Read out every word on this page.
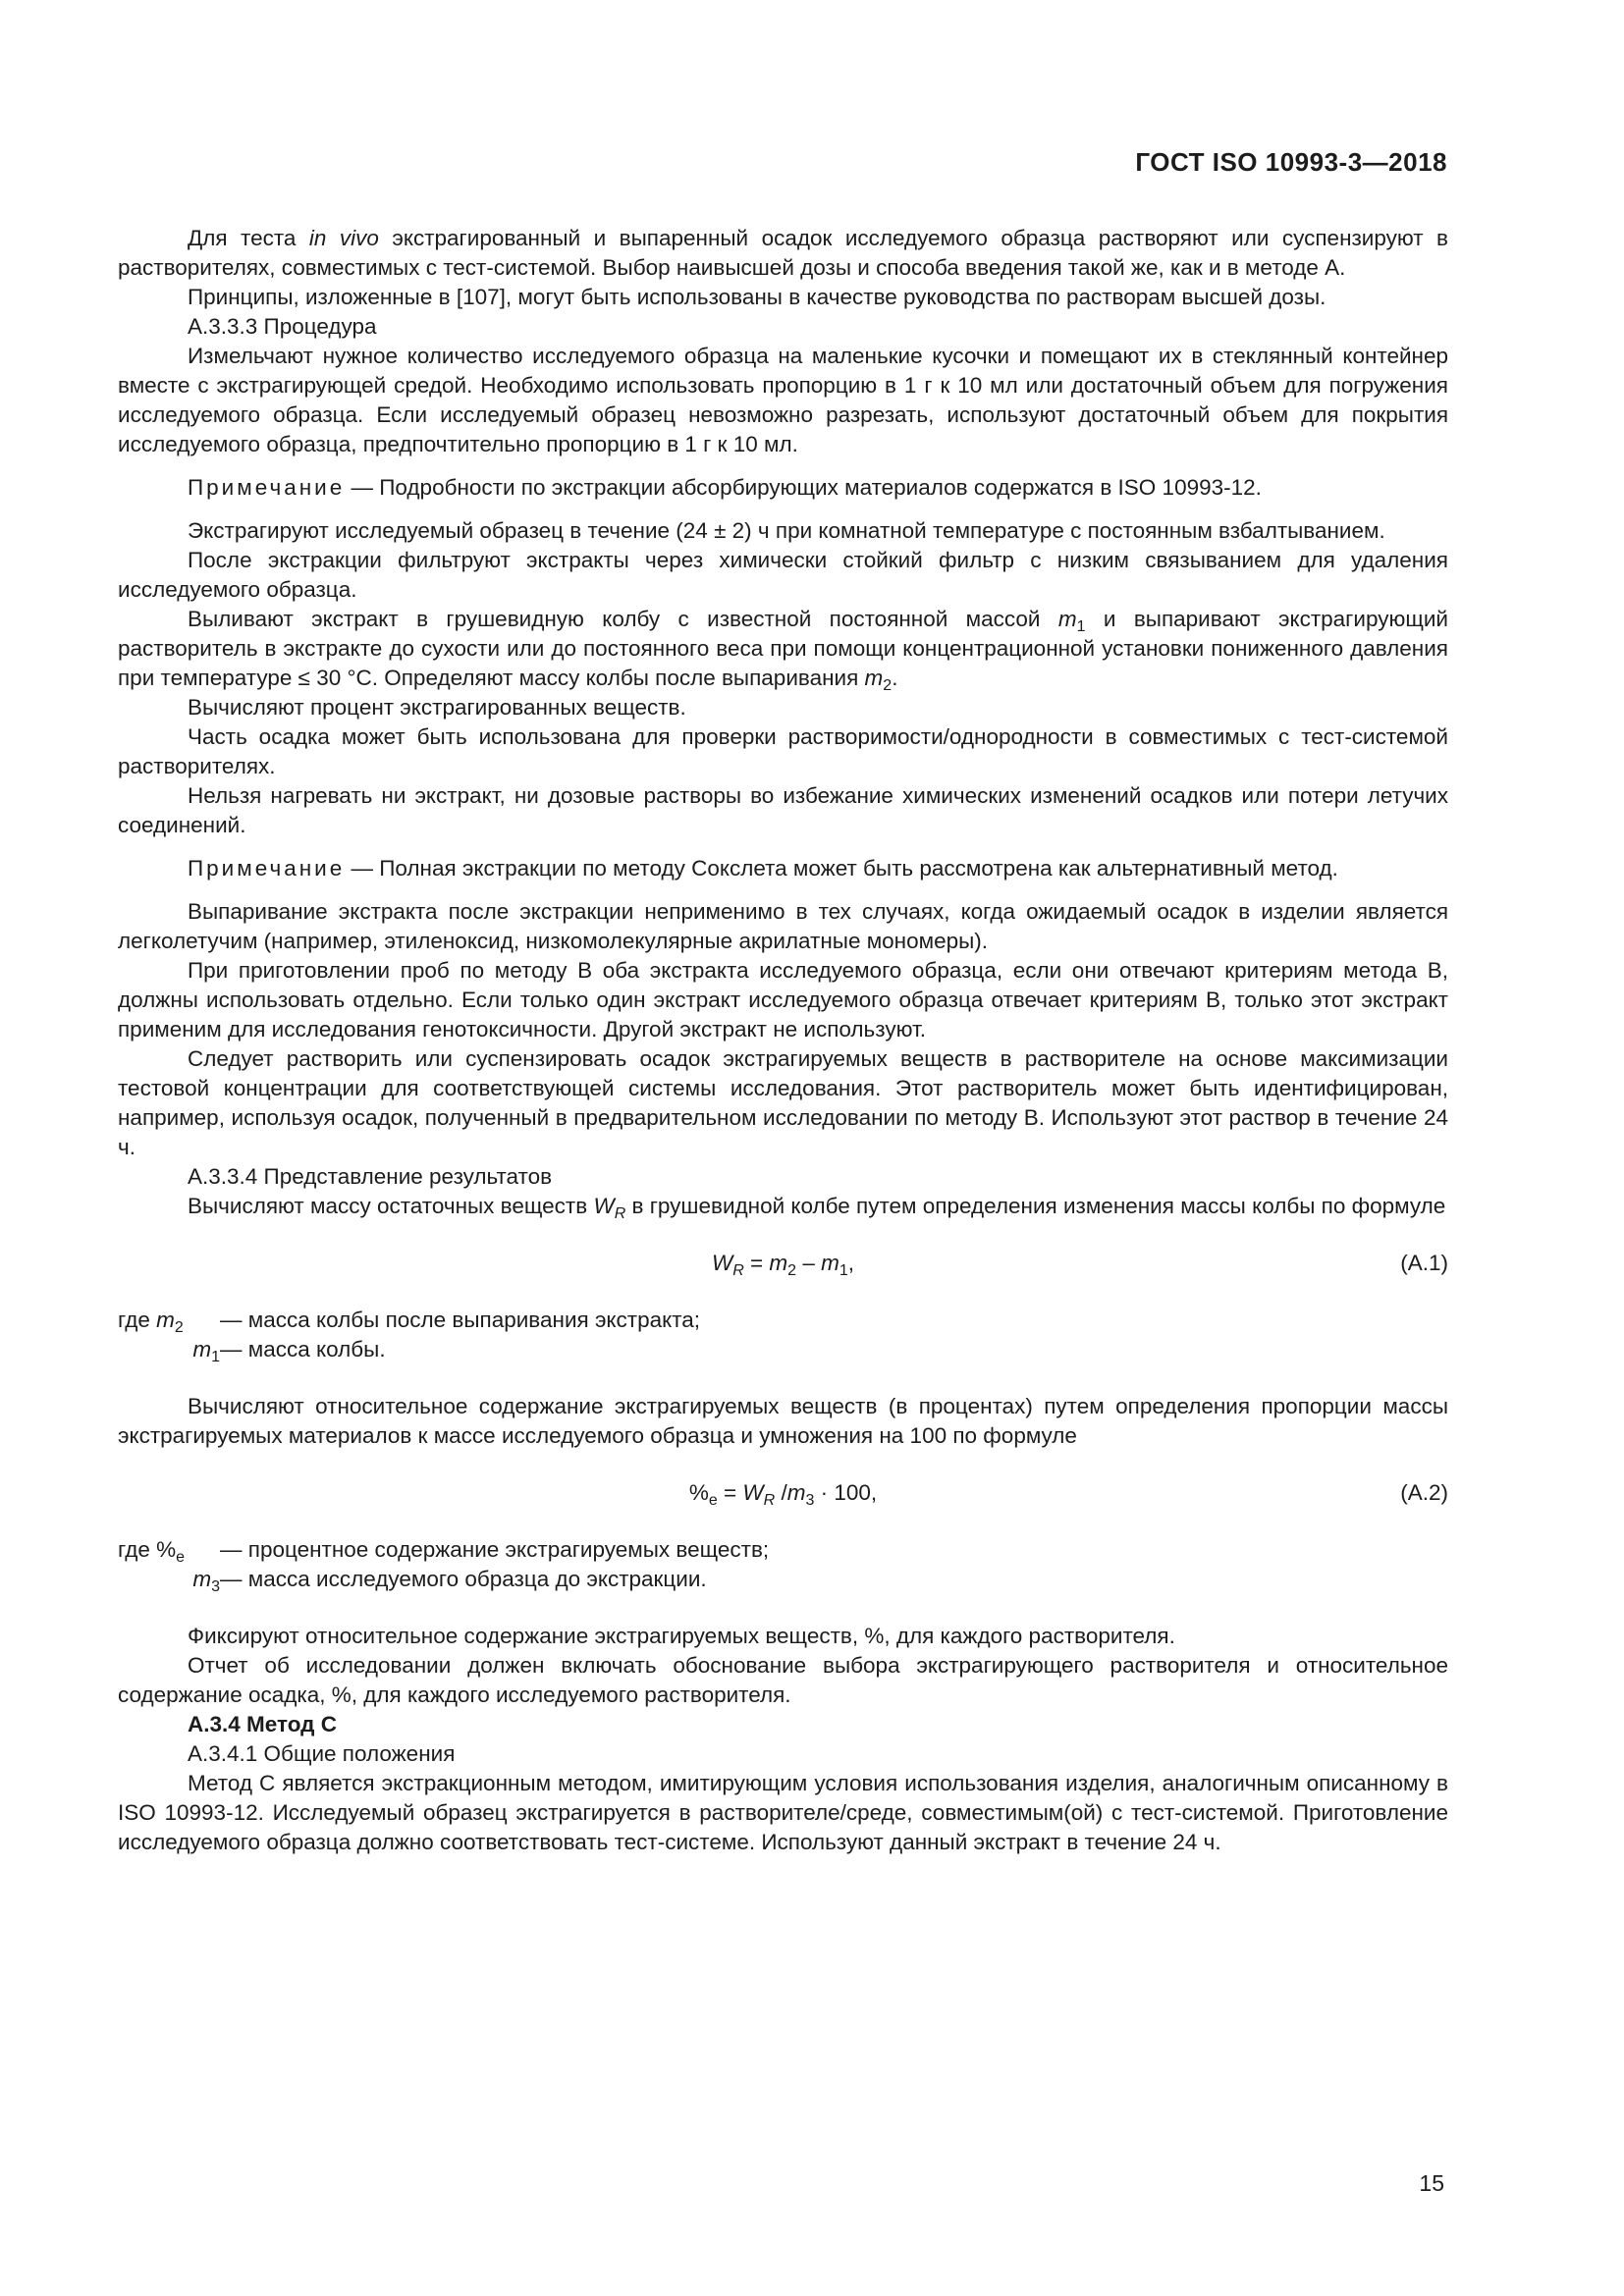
ГОСТ ISO 10993-3—2018

Для теста in vivo экстрагированный и выпаренный осадок исследуемого образца растворяют или суспензируют в растворителях, совместимых с тест-системой. Выбор наивысшей дозы и способа введения такой же, как и в методе А.

Принципы, изложенные в [107], могут быть использованы в качестве руководства по растворам высшей дозы.

А.3.3.3 Процедура

Измельчают нужное количество исследуемого образца на маленькие кусочки и помещают их в стеклянный контейнер вместе с экстрагирующей средой. Необходимо использовать пропорцию в 1 г к 10 мл или достаточный объем для погружения исследуемого образца. Если исследуемый образец невозможно разрезать, используют достаточный объем для покрытия исследуемого образца, предпочтительно пропорцию в 1 г к 10 мл.

Примечание — Подробности по экстракции абсорбирующих материалов содержатся в ISO 10993-12.

Экстрагируют исследуемый образец в течение (24 ± 2) ч при комнатной температуре с постоянным взбалтыванием.

После экстракции фильтруют экстракты через химически стойкий фильтр с низким связыванием для удаления исследуемого образца.

Выливают экстракт в грушевидную колбу с известной постоянной массой $m_1$ и выпаривают экстрагирующий растворитель в экстракте до сухости или до постоянного веса при помощи концентрационной установки пониженного давления при температуре ≤ 30 °С. Определяют массу колбы после выпаривания $m_2$.

Вычисляют процент экстрагированных веществ.

Часть осадка может быть использована для проверки растворимости/однородности в совместимых с тест-системой растворителях.

Нельзя нагревать ни экстракт, ни дозовые растворы во избежание химических изменений осадков или потери летучих соединений.

Примечание — Полная экстракции по методу Сокслета может быть рассмотрена как альтернативный метод.

Выпаривание экстракта после экстракции неприменимо в тех случаях, когда ожидаемый осадок в изделии является легколетучим (например, этиленоксид, низкомолекулярные акрилатные мономеры).

При приготовлении проб по методу В оба экстракта исследуемого образца, если они отвечают критериям метода В, должны использовать отдельно. Если только один экстракт исследуемого образца отвечает критериям В, только этот экстракт применим для исследования генотоксичности. Другой экстракт не используют.

Следует растворить или суспензировать осадок экстрагируемых веществ в растворителе на основе максимизации тестовой концентрации для соответствующей системы исследования. Этот растворитель может быть идентифицирован, например, используя осадок, полученный в предварительном исследовании по методу В. Используют этот раствор в течение 24 ч.

А.3.3.4 Представление результатов

Вычисляют массу остаточных веществ $W_R$ в грушевидной колбе путем определения изменения массы колбы по формуле

$W_R = m_2 - m_1$,	(А.1)
где $m_2$	—
масса колбы после выпаривания экстракта;
$m_1$ —
масса колбы.

Вычисляют относительное содержание экстрагируемых веществ (в процентах) путем определения пропорции массы экстрагируемых материалов к массе исследуемого образца и умножения на 100 по формуле

$\%_e = W_R$ $/m_3 \cdot 100$,	(А.2)
где $\%_e$	—
процентное содержание экстрагируемых веществ;
$m_3$ —
масса исследуемого образца до экстракции.

Фиксируют относительное содержание экстрагируемых веществ, %, для каждого растворителя.

Отчет об исследовании должен включать обоснование выбора экстрагирующего растворителя и относительное содержание осадка, %, для каждого исследуемого растворителя.

А.3.4 Метод С

А.3.4.1 Общие положения

Метод С является экстракционным методом, имитирующим условия использования изделия, аналогичным описанному в ISO 10993-12. Исследуемый образец экстрагируется в растворителе/среде, совместимым(ой) с тест-системой. Приготовление исследуемого образца должно соответствовать тест-системе. Используют данный экстракт в течение 24 ч.

15
